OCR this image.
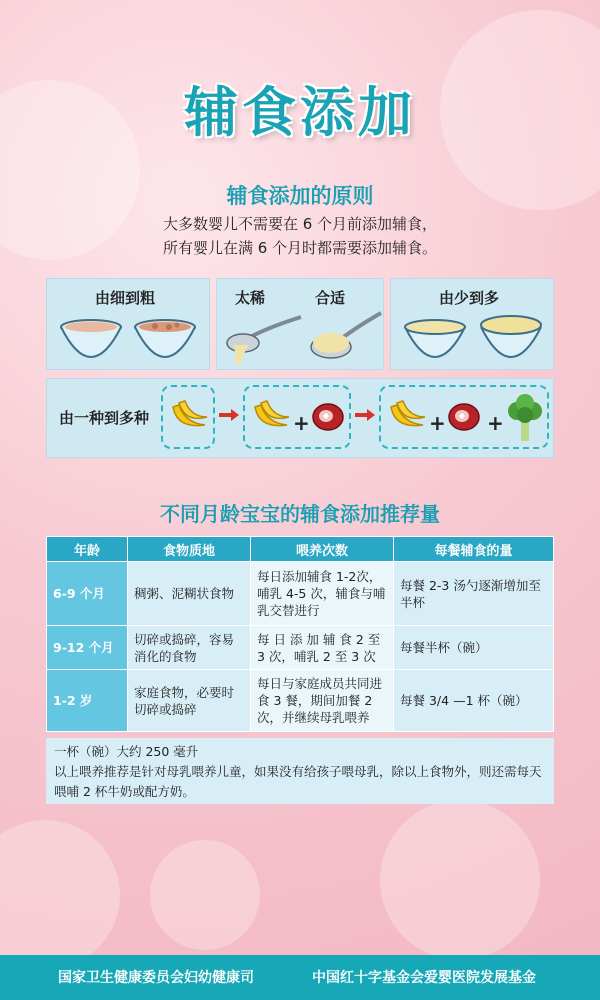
辅食添加
辅食添加的原则
大多数婴儿不需要在 6 个月前添加辅食，
所有婴儿在满 6 个月时都需要添加辅食。
由细到粗	太稀	合适	由少到多
由一种到多种	+	+ +
不同月龄宝宝的辅食添加推荐量
年龄	食物质地	喂养次数	每餐辅食的量
6-9 个月	稠粥、泥糊状食物	每日添加辅食 1-2次，哺乳 4-5 次，辅食与哺乳交替进行	每餐 2-3 汤勺逐渐增加至半杯
9-12 个月	切碎或捣碎，容易消化的食物	每 日 添 加 辅 食 2 至 3 次，哺乳 2 至 3 次	每餐半杯（碗）
1-2 岁	家庭食物，必要时切碎或捣碎	每日与家庭成员共同进食 3 餐，期间加餐 2 次，并继续母乳喂养	每餐 3/4 —1 杯（碗）
一杯（碗）大约 250 毫升
以上喂养推荐是针对母乳喂养儿童，如果没有给孩子喂母乳，除以上食物外，则还需每天喂哺 2 杯牛奶或配方奶。
国家卫生健康委员会妇幼健康司	中国红十字基金会爱婴医院发展基金
